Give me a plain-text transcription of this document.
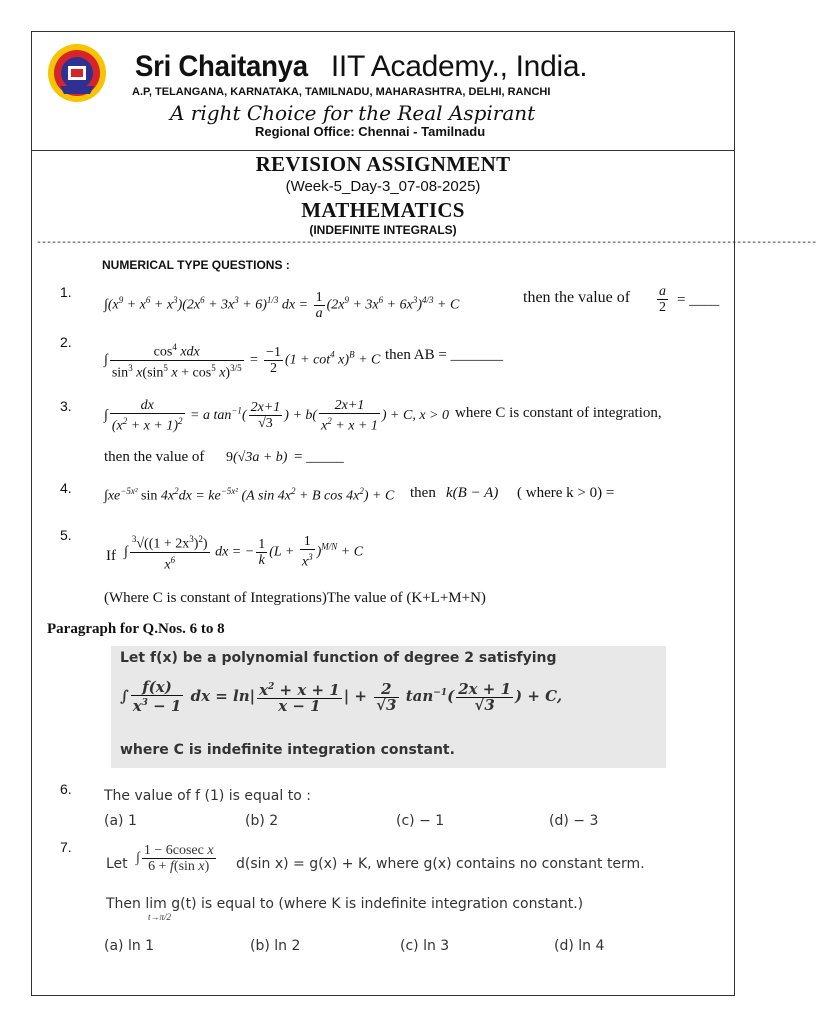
Sri Chaitanya IIT Academy., India.
A.P, TELANGANA, KARNATAKA, TAMILNADU, MAHARASHTRA, DELHI, RANCHI
A right Choice for the Real Aspirant
Regional Office: Chennai - Tamilnadu
REVISION ASSIGNMENT
(Week-5_Day-3_07-08-2025)
MATHEMATICS
(INDEFINITE INTEGRALS)
------------------------------------------------------------------------------------------------------------------------------------------------------------
NUMERICAL TYPE QUESTIONS :
1.
$\int(x^9 + x^6 + x^3)(2x^6 + 3x^3 + 6)^{1/3}$ dx = $\frac{1}{a} (2x^9 + 3x^6 + 6x^3)^{4/3} + C$	then the value of $\frac{a}{2}$ = ____
2.
∫ $\frac{\cos^4 xdx}{\sin^3 x(\sin^5 x + \cos^5 x)^{3/5}} = \frac{-1}{2} (1 + \cot^4 x)^B + C$ then AB = _______
3.
∫ $\frac{dx}{(x^2 + x + 1)^2} = a$ $\tan^{-1}( \frac{2x+1}{√3}$ ) + $b( \frac{2x+1}{x^2 + x + 1}$ ) + C, x > 0 where C is constant of integration,
then the value of 9(√3a + b) = _____
4.
$\int xe^{-5x^2}$ $\sin 4x^2dx = ke^{-5x^2}$ (A $\sin 4x^2 + B$ $\cos 4x^2) + C$ then k(B − A) ( where k > 0) =
5.
If ∫ $\frac{^3√((1 + 2x^3)^2)}{x^6}$ dx = − $\frac{1}{k} (L + \frac{1}{x^3} )^{M/N} + C$
(Where C is constant of Integrations)The value of (K+L+M+N)
Paragraph for Q.Nos. 6 to 8
Let f(x) be a polynomial function of degree 2 satisfying
∫ $\frac{f(x)}{x^3 - 1}$ dx = $\ln| \frac{x^2 + x + 1}{x - 1}$ | + $\frac{2}{√3} \tan^{-1}( \frac{2x + 1}{√3}$ ) + C,
where C is indefinite integration constant.
6. The value of f (1) is equal to :
(a) 1	(b) 2	(c) − 1	(d) − 3
7.
Let ∫ $\frac{\text{1 − 6cosec x}}{\text{6 + f(sin x)}} d(\sin$ x) = g(x) + K, where g(x) contains no constant term.
Then lim g(t) is equal to (where K is indefinite integration constant.)
t→π/2
(a) ln 1	(b) ln 2	(c) ln 3	(d) ln 4
